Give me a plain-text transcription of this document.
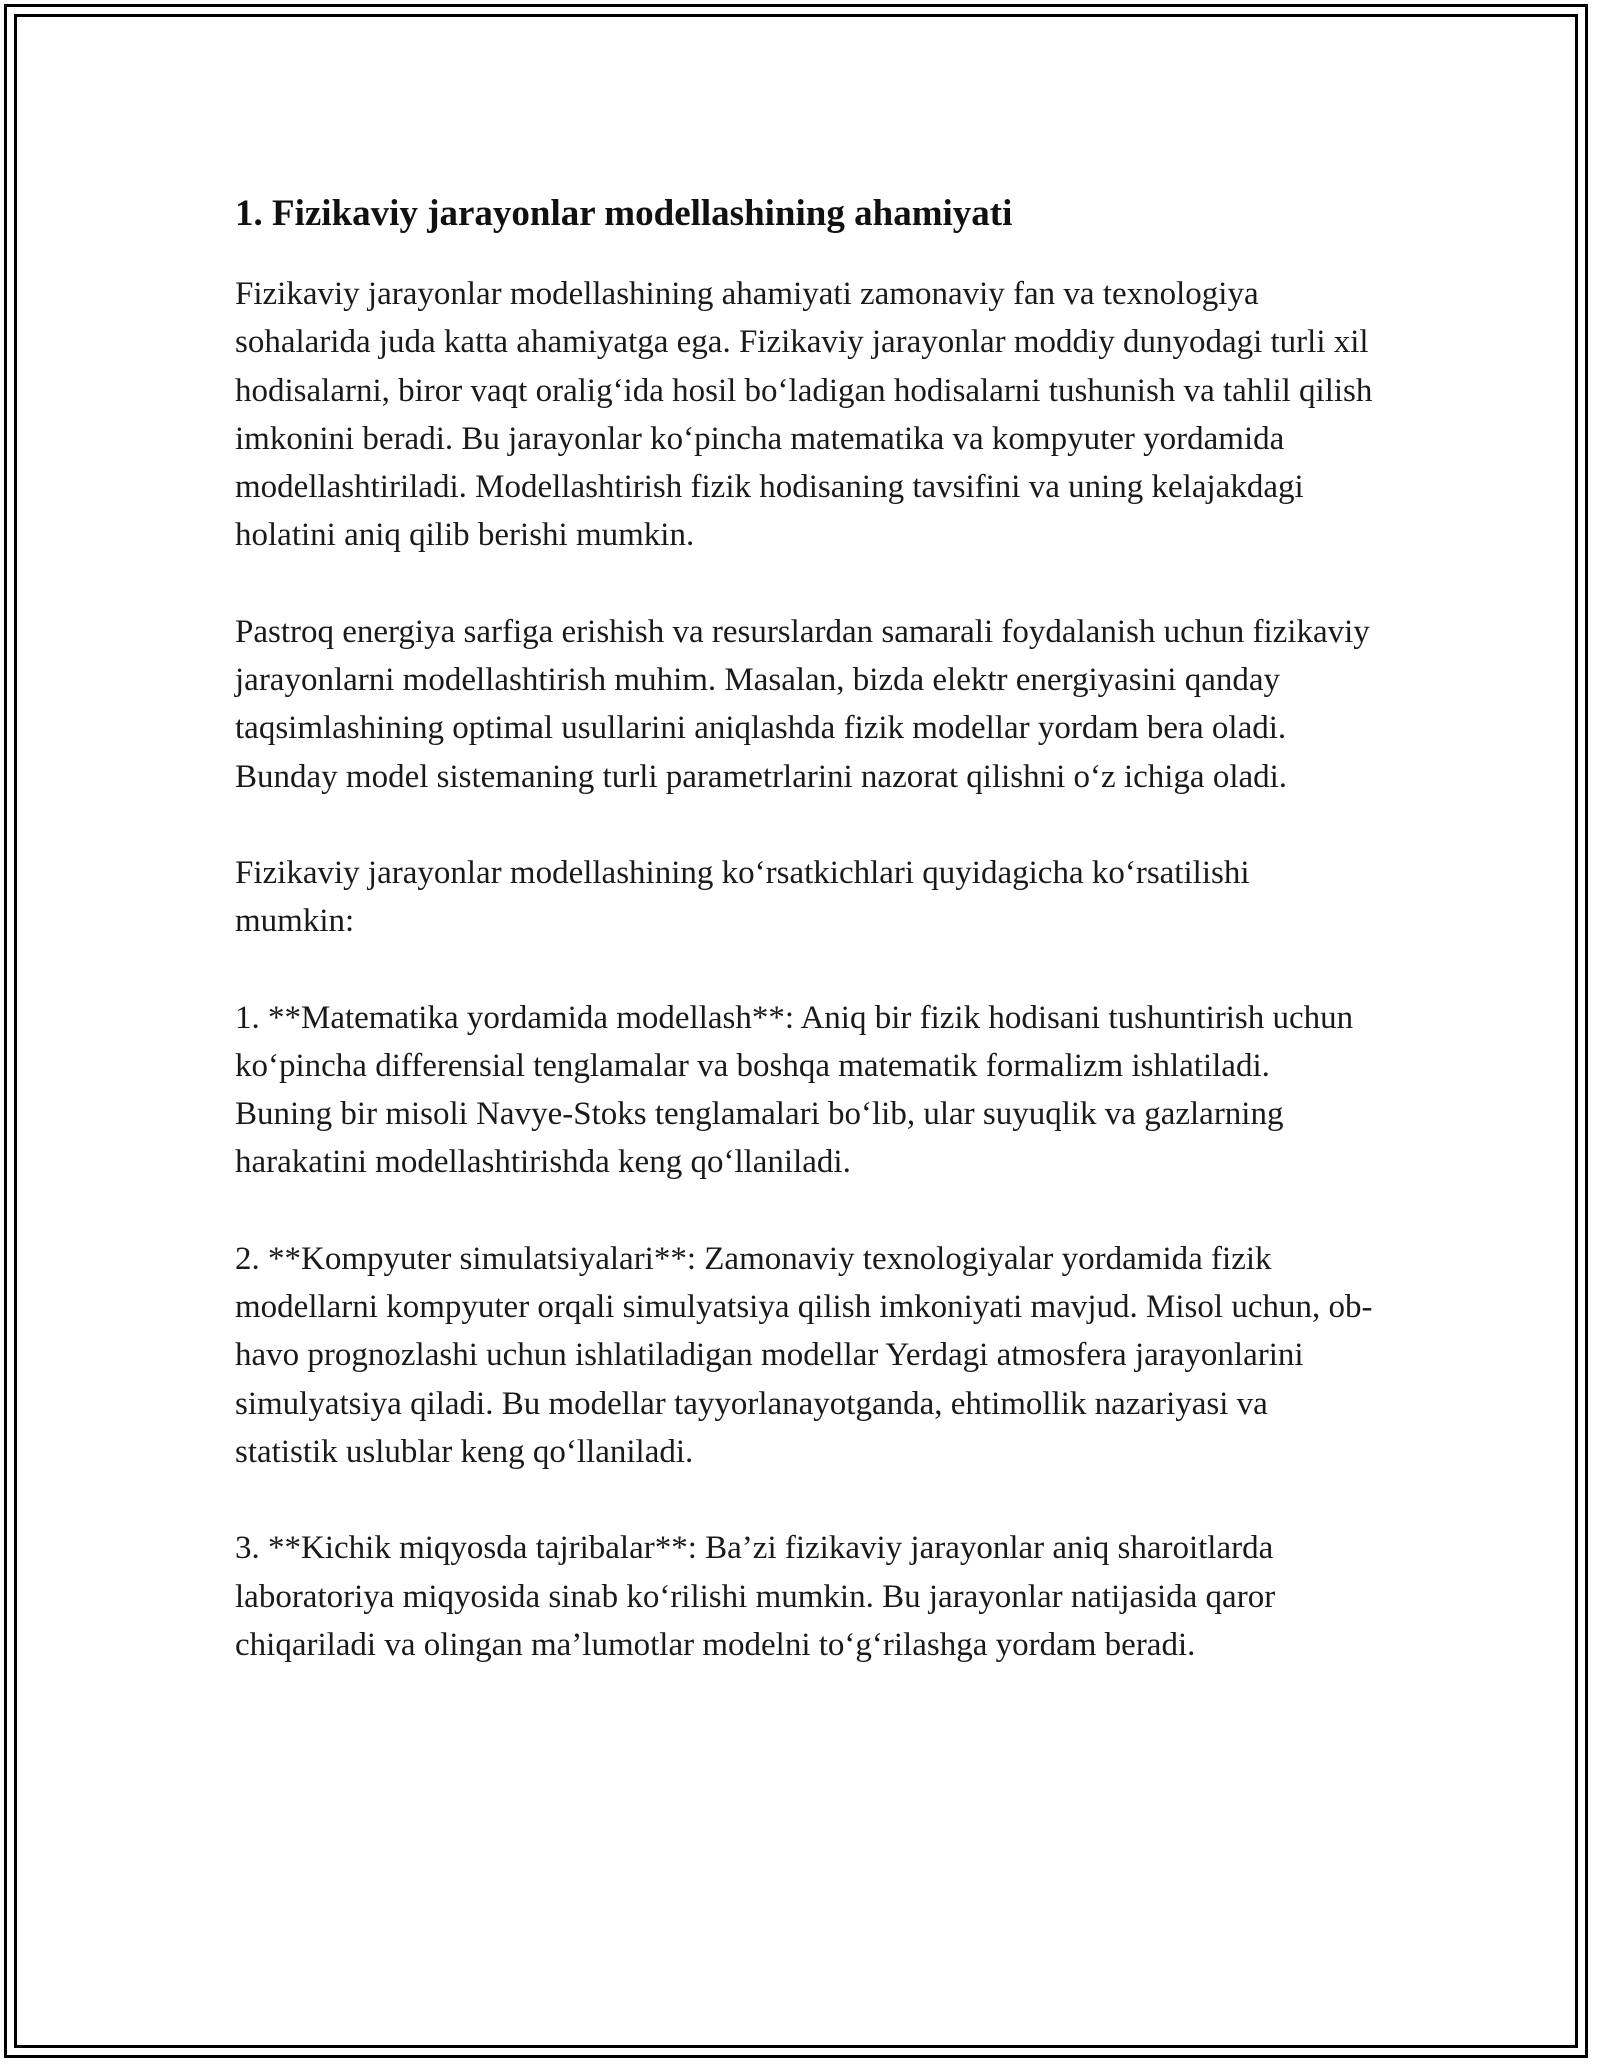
1. Fizikaviy jarayonlar modellashining ahamiyati

Fizikaviy jarayonlar modellashining ahamiyati zamonaviy fan va texnologiya sohalarida juda katta ahamiyatga ega. Fizikaviy jarayonlar moddiy dunyodagi turli xil hodisalarni, biror vaqt oralig‘ida hosil bo‘ladigan hodisalarni tushunish va tahlil qilish imkonini beradi. Bu jarayonlar ko‘pincha matematika va kompyuter yordamida modellashtiriladi. Modellashtirish fizik hodisaning tavsifini va uning kelajakdagi holatini aniq qilib berishi mumkin.

Pastroq energiya sarfiga erishish va resurslardan samarali foydalanish uchun fizikaviy jarayonlarni modellashtirish muhim. Masalan, bizda elektr energiyasini qanday taqsimlashining optimal usullarini aniqlashda fizik modellar yordam bera oladi. Bunday model sistemaning turli parametrlarini nazorat qilishni o‘z ichiga oladi.

Fizikaviy jarayonlar modellashining ko‘rsatkichlari quyidagicha ko‘rsatilishi mumkin:

1. **Matematika yordamida modellash**: Aniq bir fizik hodisani tushuntirish uchun ko‘pincha differensial tenglamalar va boshqa matematik formalizm ishlatiladi. Buning bir misoli Navye-Stoks tenglamalari bo‘lib, ular suyuqlik va gazlarning harakatini modellashtirishda keng qo‘llaniladi.

2. **Kompyuter simulatsiyalari**: Zamonaviy texnologiyalar yordamida fizik modellarni kompyuter orqali simulyatsiya qilish imkoniyati mavjud. Misol uchun, ob-havo prognozlashi uchun ishlatiladigan modellar Yerdagi atmosfera jarayonlarini simulyatsiya qiladi. Bu modellar tayyorlanayotganda, ehtimollik nazariyasi va statistik uslublar keng qo‘llaniladi.

3. **Kichik miqyosda tajribalar**: Ba’zi fizikaviy jarayonlar aniq sharoitlarda laboratoriya miqyosida sinab ko‘rilishi mumkin. Bu jarayonlar natijasida qaror chiqariladi va olingan ma’lumotlar modelni to‘g‘rilashga yordam beradi.
